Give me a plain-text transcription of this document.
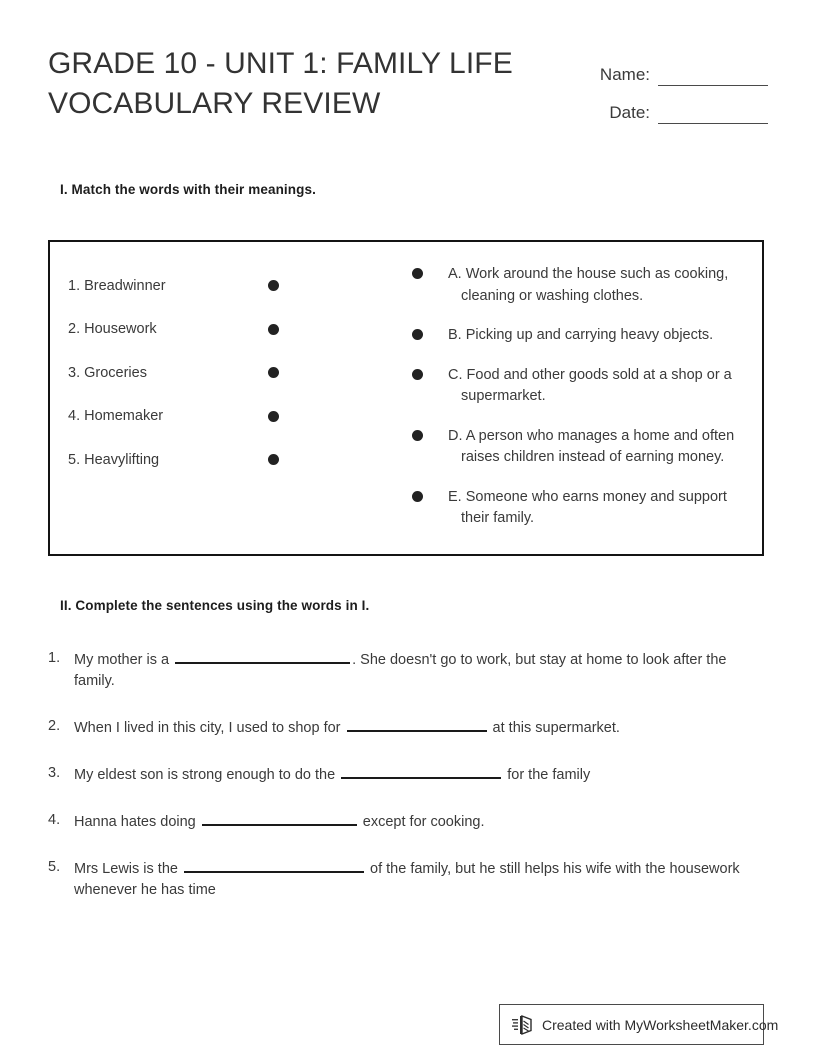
GRADE 10 - UNIT 1: FAMILY LIFE
VOCABULARY REVIEW
Name:
Date:
I. Match the words with their meanings.
1. Breadwinner
2. Housework
3. Groceries
4. Homemaker
5. Heavylifting
A. Work around the house such as cooking, cleaning or washing clothes.
B. Picking up and carrying heavy objects.
C. Food and other goods sold at a shop or a supermarket.
D. A person who manages a home and often raises children instead of earning money.
E. Someone who earns money and support their family.
II. Complete the sentences using the words in I.
1. My mother is a	. She doesn't go to work, but stay at home to look after the family.
2. When I lived in this city, I used to shop for	at this supermarket.
3. My eldest son is strong enough to do the	for the family
4. Hanna hates doing	except for cooking.
5. Mrs Lewis is the	of the family, but he still helps his wife with the housework whenever he has time
Created with MyWorksheetMaker.com
